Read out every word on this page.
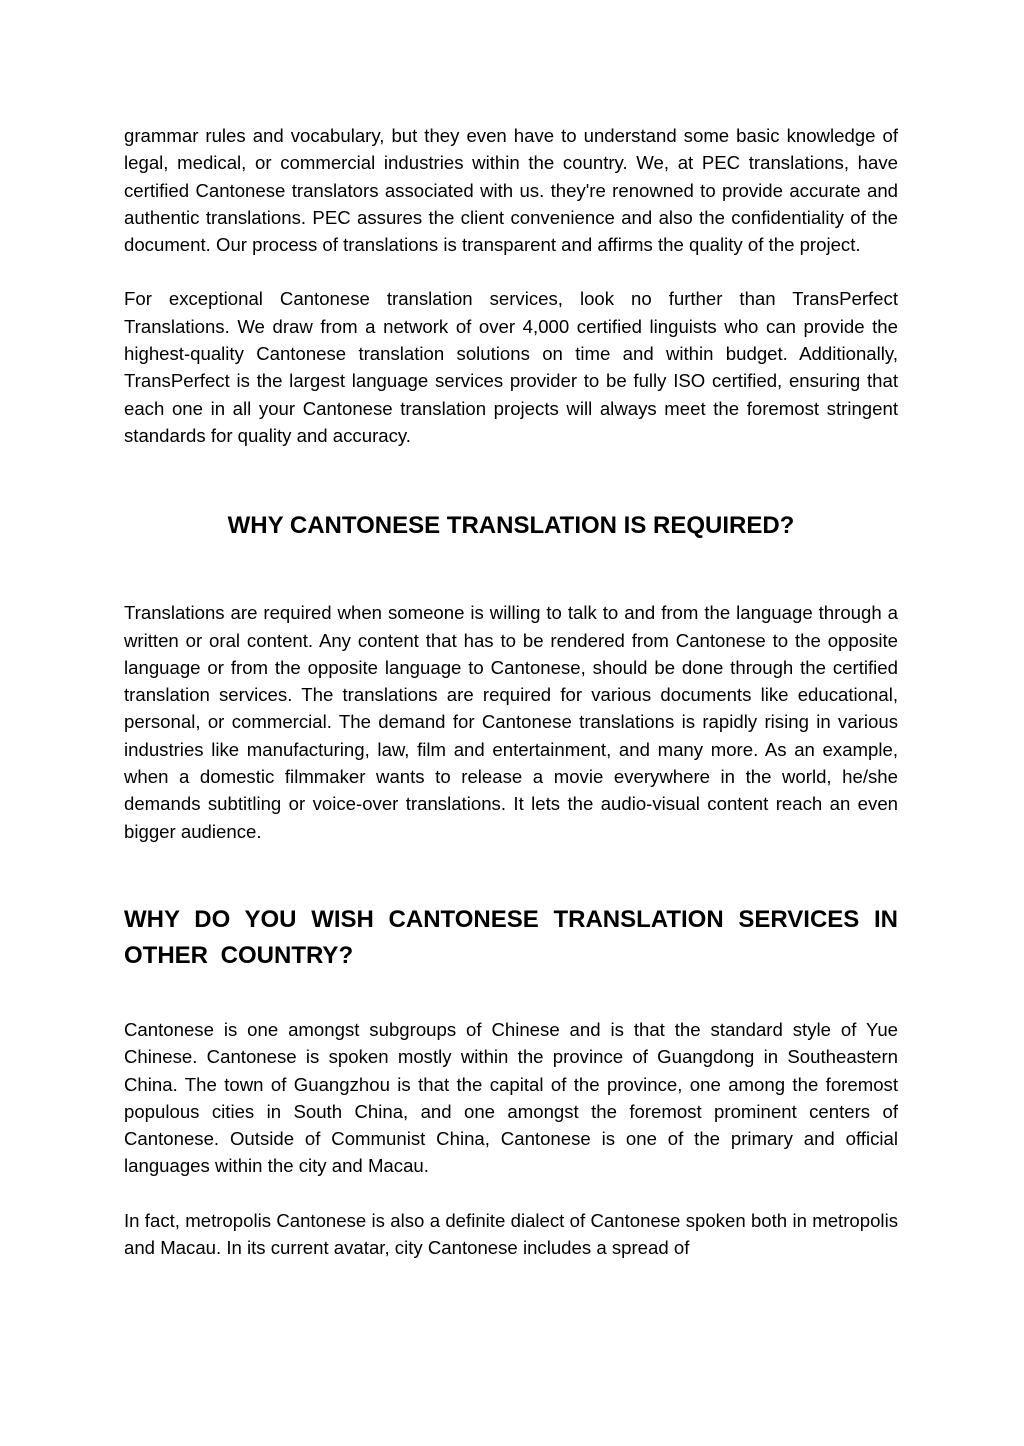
grammar rules and vocabulary, but they even have to understand some basic knowledge of legal, medical, or commercial industries within the country. We, at PEC translations, have certified Cantonese translators associated with us. they're renowned to provide accurate and authentic translations. PEC assures the client convenience and also the confidentiality of the document. Our process of translations is transparent and affirms the quality of the project.

For exceptional Cantonese translation services, look no further than TransPerfect Translations. We draw from a network of over 4,000 certified linguists who can provide the highest-quality Cantonese translation solutions on time and within budget. Additionally, TransPerfect is the largest language services provider to be fully ISO certified, ensuring that each one in all your Cantonese translation projects will always meet the foremost stringent standards for quality and accuracy.

WHY CANTONESE TRANSLATION IS REQUIRED?

Translations are required when someone is willing to talk to and from the language through a written or oral content. Any content that has to be rendered from Cantonese to the opposite language or from the opposite language to Cantonese, should be done through the certified translation services. The translations are required for various documents like educational, personal, or commercial. The demand for Cantonese translations is rapidly rising in various industries like manufacturing, law, film and entertainment, and many more. As an example, when a domestic filmmaker wants to release a movie everywhere in the world, he/she demands subtitling or voice-over translations. It lets the audio-visual content reach an even bigger audience.

WHY DO YOU WISH CANTONESE TRANSLATION SERVICES IN OTHER COUNTRY?

Cantonese is one amongst subgroups of Chinese and is that the standard style of Yue Chinese. Cantonese is spoken mostly within the province of Guangdong in Southeastern China. The town of Guangzhou is that the capital of the province, one among the foremost populous cities in South China, and one amongst the foremost prominent centers of Cantonese. Outside of Communist China, Cantonese is one of the primary and official languages within the city and Macau.

In fact, metropolis Cantonese is also a definite dialect of Cantonese spoken both in metropolis and Macau. In its current avatar, city Cantonese includes a spread of
